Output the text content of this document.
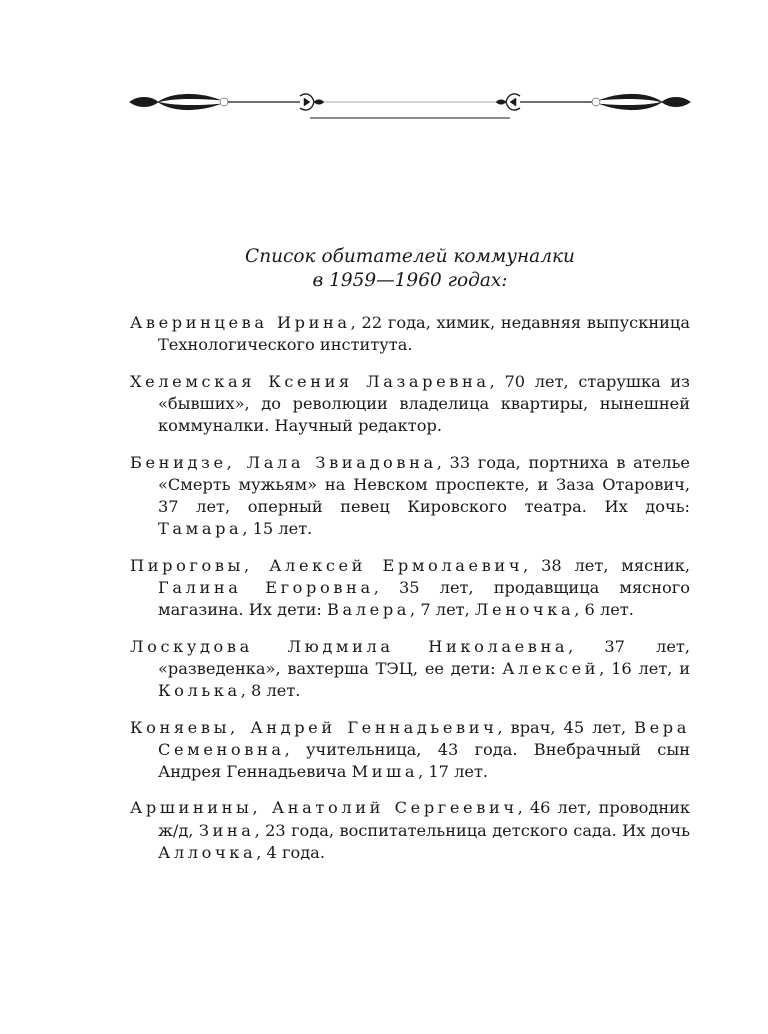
Список обитателей коммуналки
в 1959—1960 годах:
Аверинцева Ирина, 22 года, химик, недавняя выпускница Технологического института.
Хелемская Ксения Лазаревна, 70 лет, старушка из «бывших», до революции владелица квартиры, нынешней коммуналки. Научный редактор.
Бенидзе, Лала Звиадовна, 33 года, портниха в ателье «Смерть мужьям» на Невском проспекте, и Заза Отарович, 37 лет, оперный певец Кировского театра. Их дочь: Тамара, 15 лет.
Пироговы, Алексей Ермолаевич, 38 лет, мясник, Галина Егоровна, 35 лет, продавщица мясного магазина. Их дети: Валера, 7 лет, Леночка, 6 лет.
Лоскудова Людмила Николаевна, 37 лет, «разведенка», вахтерша ТЭЦ, ее дети: Алексей, 16 лет, и Колька, 8 лет.
Коняевы, Андрей Геннадьевич, врач, 45 лет, Вера Семеновна, учительница, 43 года. Внебрачный сын Андрея Геннадьевича Миша, 17 лет.
Аршинины, Анатолий Сергеевич, 46 лет, проводник ж/д, Зина, 23 года, воспитательница детского сада. Их дочь Аллочка, 4 года.
